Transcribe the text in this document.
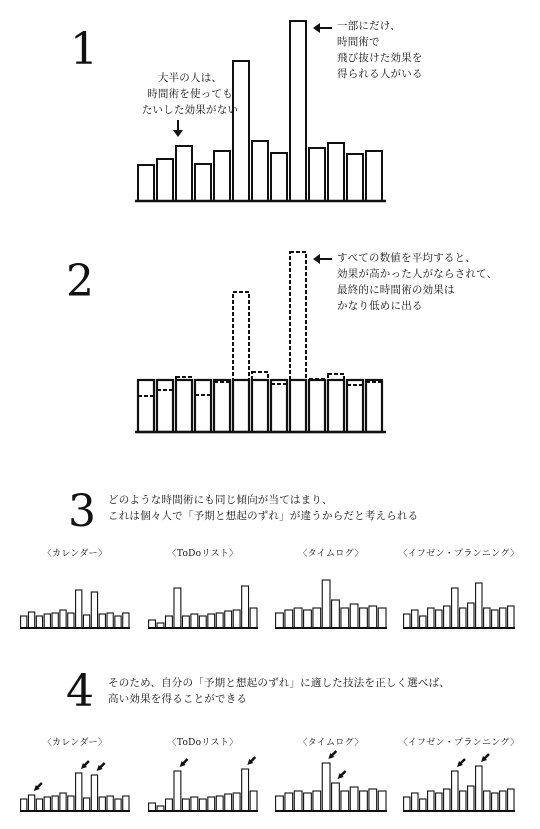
1
大半の人は、
時間術を使っても
たいした効果がない
一部にだけ、
時間術で
飛び抜けた効果を
得られる人がいる
2	すべての数値を平均すると、
効果が高かった人がならされて、
最終的に時間術の効果は
かなり低めに出る
3 どのような時間術にも同じ傾向が当てはまり、
これは個々人で「予期と想起のずれ」が違うからだと考えられる
4 そのため、自分の「予期と想起のずれ」に適した技法を正しく選べば、
高い効果を得ることができる
〈カレンダー〉	〈ToDoリスト〉	〈タイムログ〉	〈イフゼン・プランニング〉
〈カレンダー〉	〈ToDoリスト〉	〈タイムログ〉	〈イフゼン・プランニング〉
